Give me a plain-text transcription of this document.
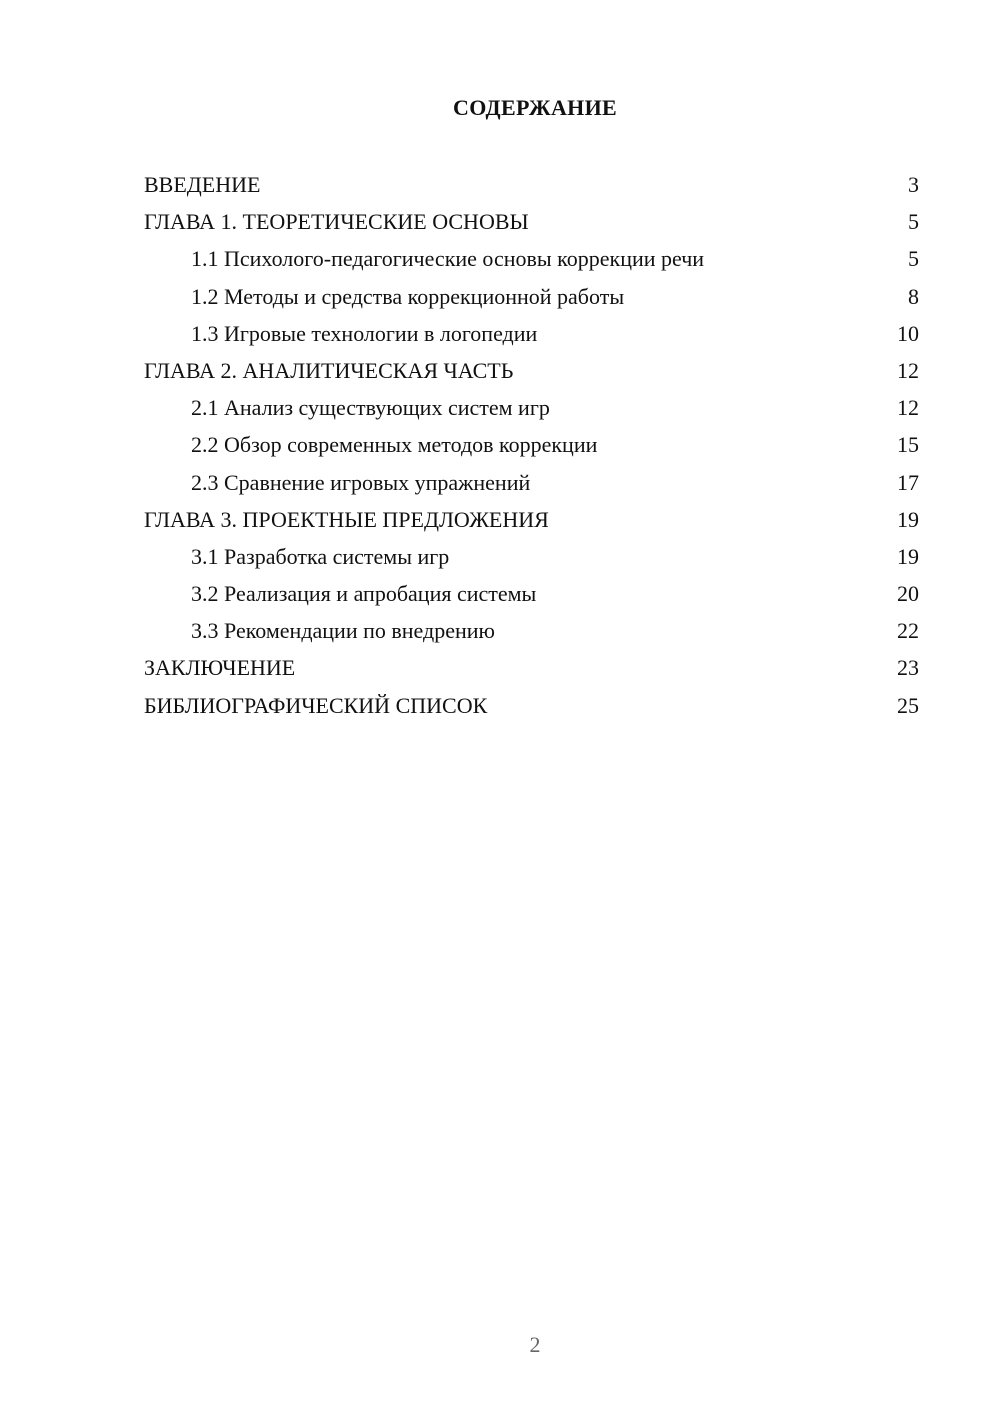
СОДЕРЖАНИЕ
ВВЕДЕНИЕ	3
ГЛАВА 1. ТЕОРЕТИЧЕСКИЕ ОСНОВЫ	5
1.1 Психолого-педагогические основы коррекции речи	5
1.2 Методы и средства коррекционной работы	8
1.3 Игровые технологии в логопедии	10
ГЛАВА 2. АНАЛИТИЧЕСКАЯ ЧАСТЬ	12
2.1 Анализ существующих систем игр	12
2.2 Обзор современных методов коррекции	15
2.3 Сравнение игровых упражнений	17
ГЛАВА 3. ПРОЕКТНЫЕ ПРЕДЛОЖЕНИЯ	19
3.1 Разработка системы игр	19
3.2 Реализация и апробация системы	20
3.3 Рекомендации по внедрению	22
ЗАКЛЮЧЕНИЕ	23
БИБЛИОГРАФИЧЕСКИЙ СПИСОК	25
2
